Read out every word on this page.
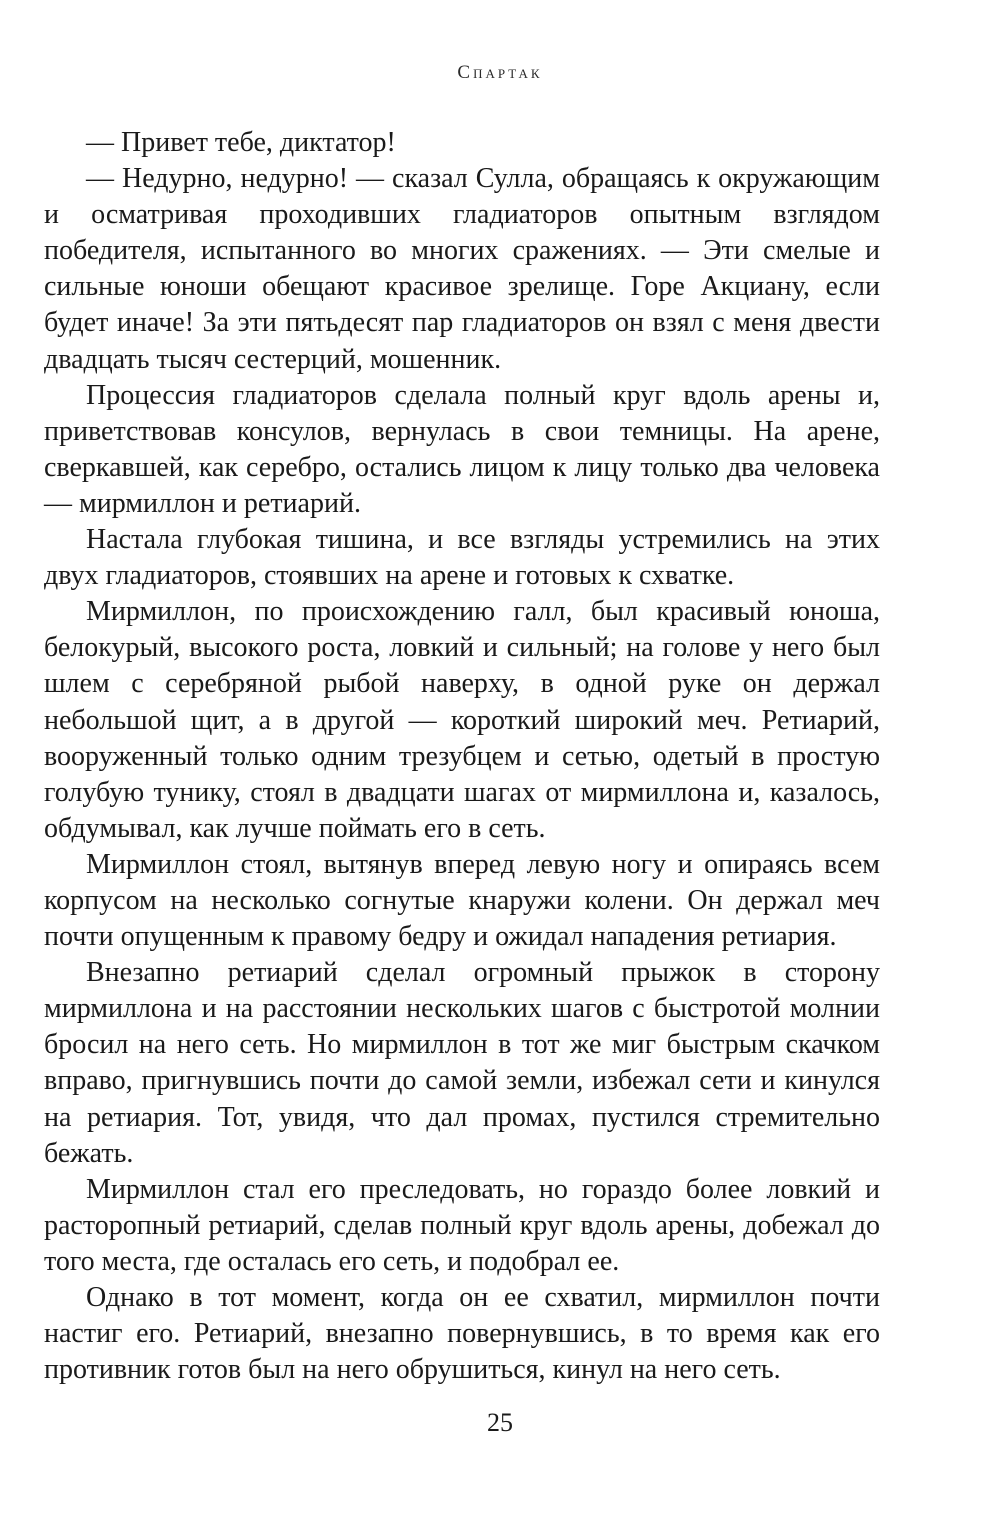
Спартак

— Привет тебе, диктатор!

— Недурно, недурно! — сказал Сулла, обращаясь к окружающим и осматривая проходивших гладиаторов опытным взглядом победителя, испытанного во многих сражениях. — Эти смелые и сильные юноши обещают красивое зрелище. Горе Акциану, если будет иначе! За эти пятьдесят пар гладиаторов он взял с меня двести двадцать тысяч сестерций, мошенник.

Процессия гладиаторов сделала полный круг вдоль арены и, приветствовав консулов, вернулась в свои темницы. На арене, сверкавшей, как серебро, остались лицом к лицу только два человека — мирмиллон и ретиарий.

Настала глубокая тишина, и все взгляды устремились на этих двух гладиаторов, стоявших на арене и готовых к схватке.

Мирмиллон, по происхождению галл, был красивый юноша, белокурый, высокого роста, ловкий и сильный; на голове у него был шлем с серебряной рыбой наверху, в одной руке он держал небольшой щит, а в другой — короткий широкий меч. Ретиарий, вооруженный только одним трезубцем и сетью, одетый в простую голубую тунику, стоял в двадцати шагах от мирмиллона и, казалось, обдумывал, как лучше поймать его в сеть.

Мирмиллон стоял, вытянув вперед левую ногу и опираясь всем корпусом на несколько согнутые кнаружи колени. Он держал меч почти опущенным к правому бедру и ожидал нападения ретиария.

Внезапно ретиарий сделал огромный прыжок в сторону мирмиллона и на расстоянии нескольких шагов с быстротой молнии бросил на него сеть. Но мирмиллон в тот же миг быстрым скачком вправо, пригнувшись почти до самой земли, избежал сети и кинулся на ретиария. Тот, увидя, что дал промах, пустился стремительно бежать.

Мирмиллон стал его преследовать, но гораздо более ловкий и расторопный ретиарий, сделав полный круг вдоль арены, добежал до того места, где осталась его сеть, и подобрал ее.

Однако в тот момент, когда он ее схватил, мирмиллон почти настиг его. Ретиарий, внезапно повернувшись, в то время как его противник готов был на него обрушиться, кинул на него сеть.

25
